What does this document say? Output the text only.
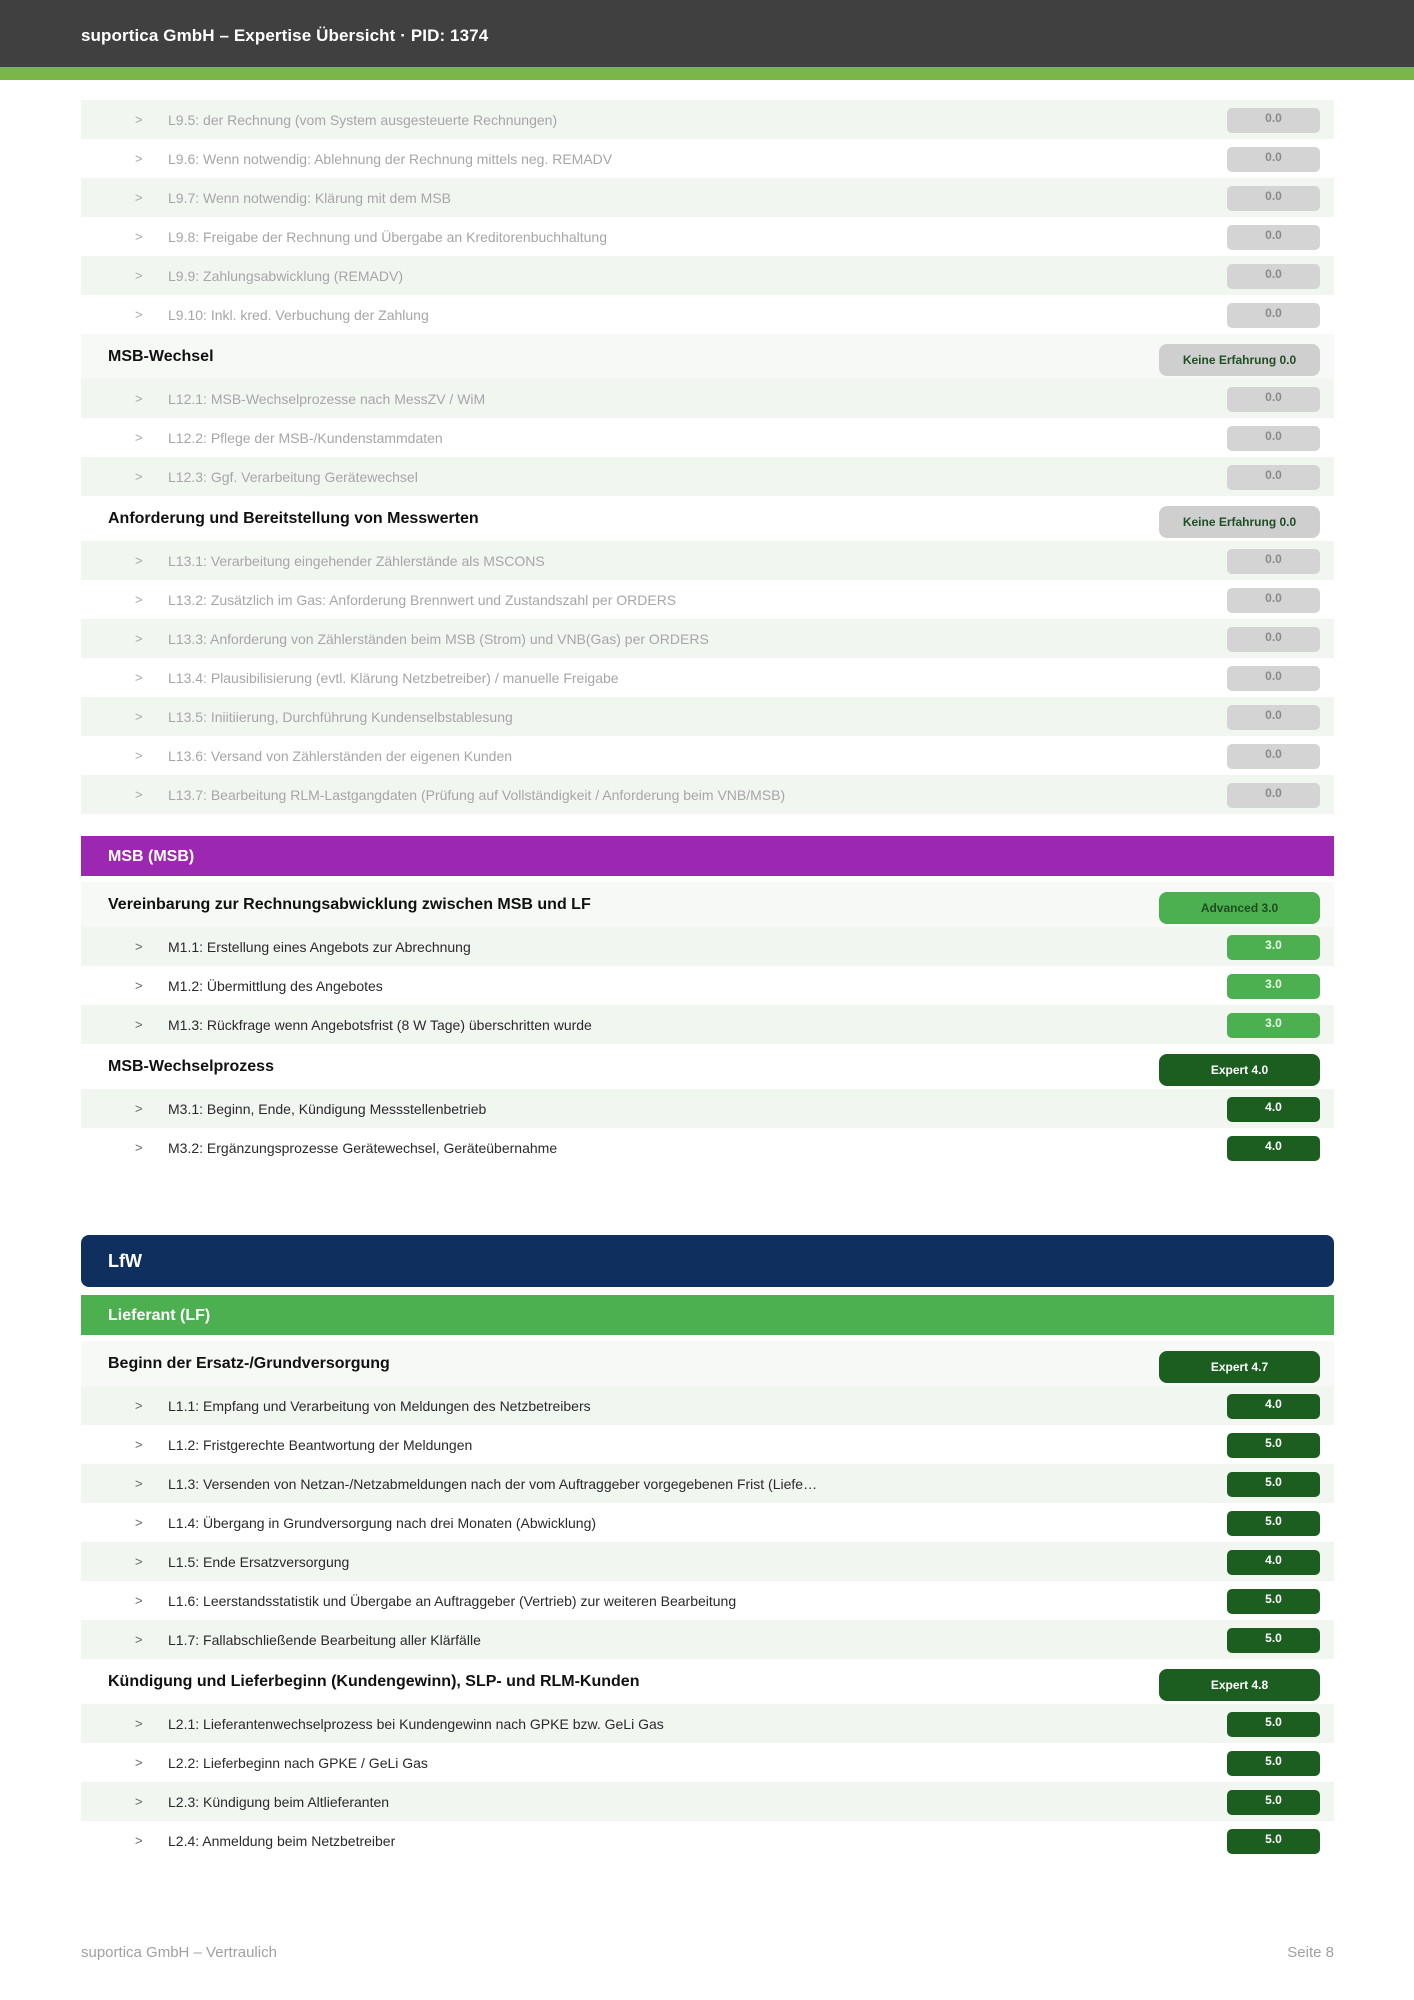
suportica GmbH – Expertise Übersicht · PID: 1374
> L9.5: der Rechnung (vom System ausgesteuerte Rechnungen)	0.0
> L9.6: Wenn notwendig: Ablehnung der Rechnung mittels neg. REMADV	0.0
> L9.7: Wenn notwendig: Klärung mit dem MSB	0.0
> L9.8: Freigabe der Rechnung und Übergabe an Kreditorenbuchhaltung	0.0
> L9.9: Zahlungsabwicklung (REMADV)	0.0
> L9.10: Inkl. kred. Verbuchung der Zahlung	0.0
MSB-Wechsel	Keine Erfahrung 0.0
> L12.1: MSB-Wechselprozesse nach MessZV / WiM	0.0
> L12.2: Pflege der MSB-/Kundenstammdaten	0.0
> L12.3: Ggf. Verarbeitung Gerätewechsel	0.0
Anforderung und Bereitstellung von Messwerten	Keine Erfahrung 0.0
> L13.1: Verarbeitung eingehender Zählerstände als MSCONS	0.0
> L13.2: Zusätzlich im Gas: Anforderung Brennwert und Zustandszahl per ORDERS	0.0
> L13.3: Anforderung von Zählerständen beim MSB (Strom) und VNB(Gas) per ORDERS	0.0
> L13.4: Plausibilisierung (evtl. Klärung Netzbetreiber) / manuelle Freigabe	0.0
> L13.5: Iniitiierung, Durchführung Kundenselbstablesung	0.0
> L13.6: Versand von Zählerständen der eigenen Kunden	0.0
> L13.7: Bearbeitung RLM-Lastgangdaten (Prüfung auf Vollständigkeit / Anforderung beim VNB/MSB)	0.0
MSB (MSB)
Vereinbarung zur Rechnungsabwicklung zwischen MSB und LF	Advanced 3.0
> M1.1: Erstellung eines Angebots zur Abrechnung	3.0
> M1.2: Übermittlung des Angebotes	3.0
> M1.3: Rückfrage wenn Angebotsfrist (8 W Tage) überschritten wurde	3.0
MSB-Wechselprozess	Expert 4.0
> M3.1: Beginn, Ende, Kündigung Messstellenbetrieb	4.0
> M3.2: Ergänzungsprozesse Gerätewechsel, Geräteübernahme	4.0
LfW
Lieferant (LF)
Beginn der Ersatz-/Grundversorgung	Expert 4.7
> L1.1: Empfang und Verarbeitung von Meldungen des Netzbetreibers	4.0
> L1.2: Fristgerechte Beantwortung der Meldungen	5.0
> L1.3: Versenden von Netzan-/Netzabmeldungen nach der vom Auftraggeber vorgegebenen Frist (Liefe…	5.0
> L1.4: Übergang in Grundversorgung nach drei Monaten (Abwicklung)	5.0
> L1.5: Ende Ersatzversorgung	4.0
> L1.6: Leerstandsstatistik und Übergabe an Auftraggeber (Vertrieb) zur weiteren Bearbeitung	5.0
> L1.7: Fallabschließende Bearbeitung aller Klärfälle	5.0
Kündigung und Lieferbeginn (Kundengewinn), SLP- und RLM-Kunden	Expert 4.8
> L2.1: Lieferantenwechselprozess bei Kundengewinn nach GPKE bzw. GeLi Gas	5.0
> L2.2: Lieferbeginn nach GPKE / GeLi Gas	5.0
> L2.3: Kündigung beim Altlieferanten	5.0
> L2.4: Anmeldung beim Netzbetreiber	5.0
suportica GmbH – Vertraulich	Seite 8
